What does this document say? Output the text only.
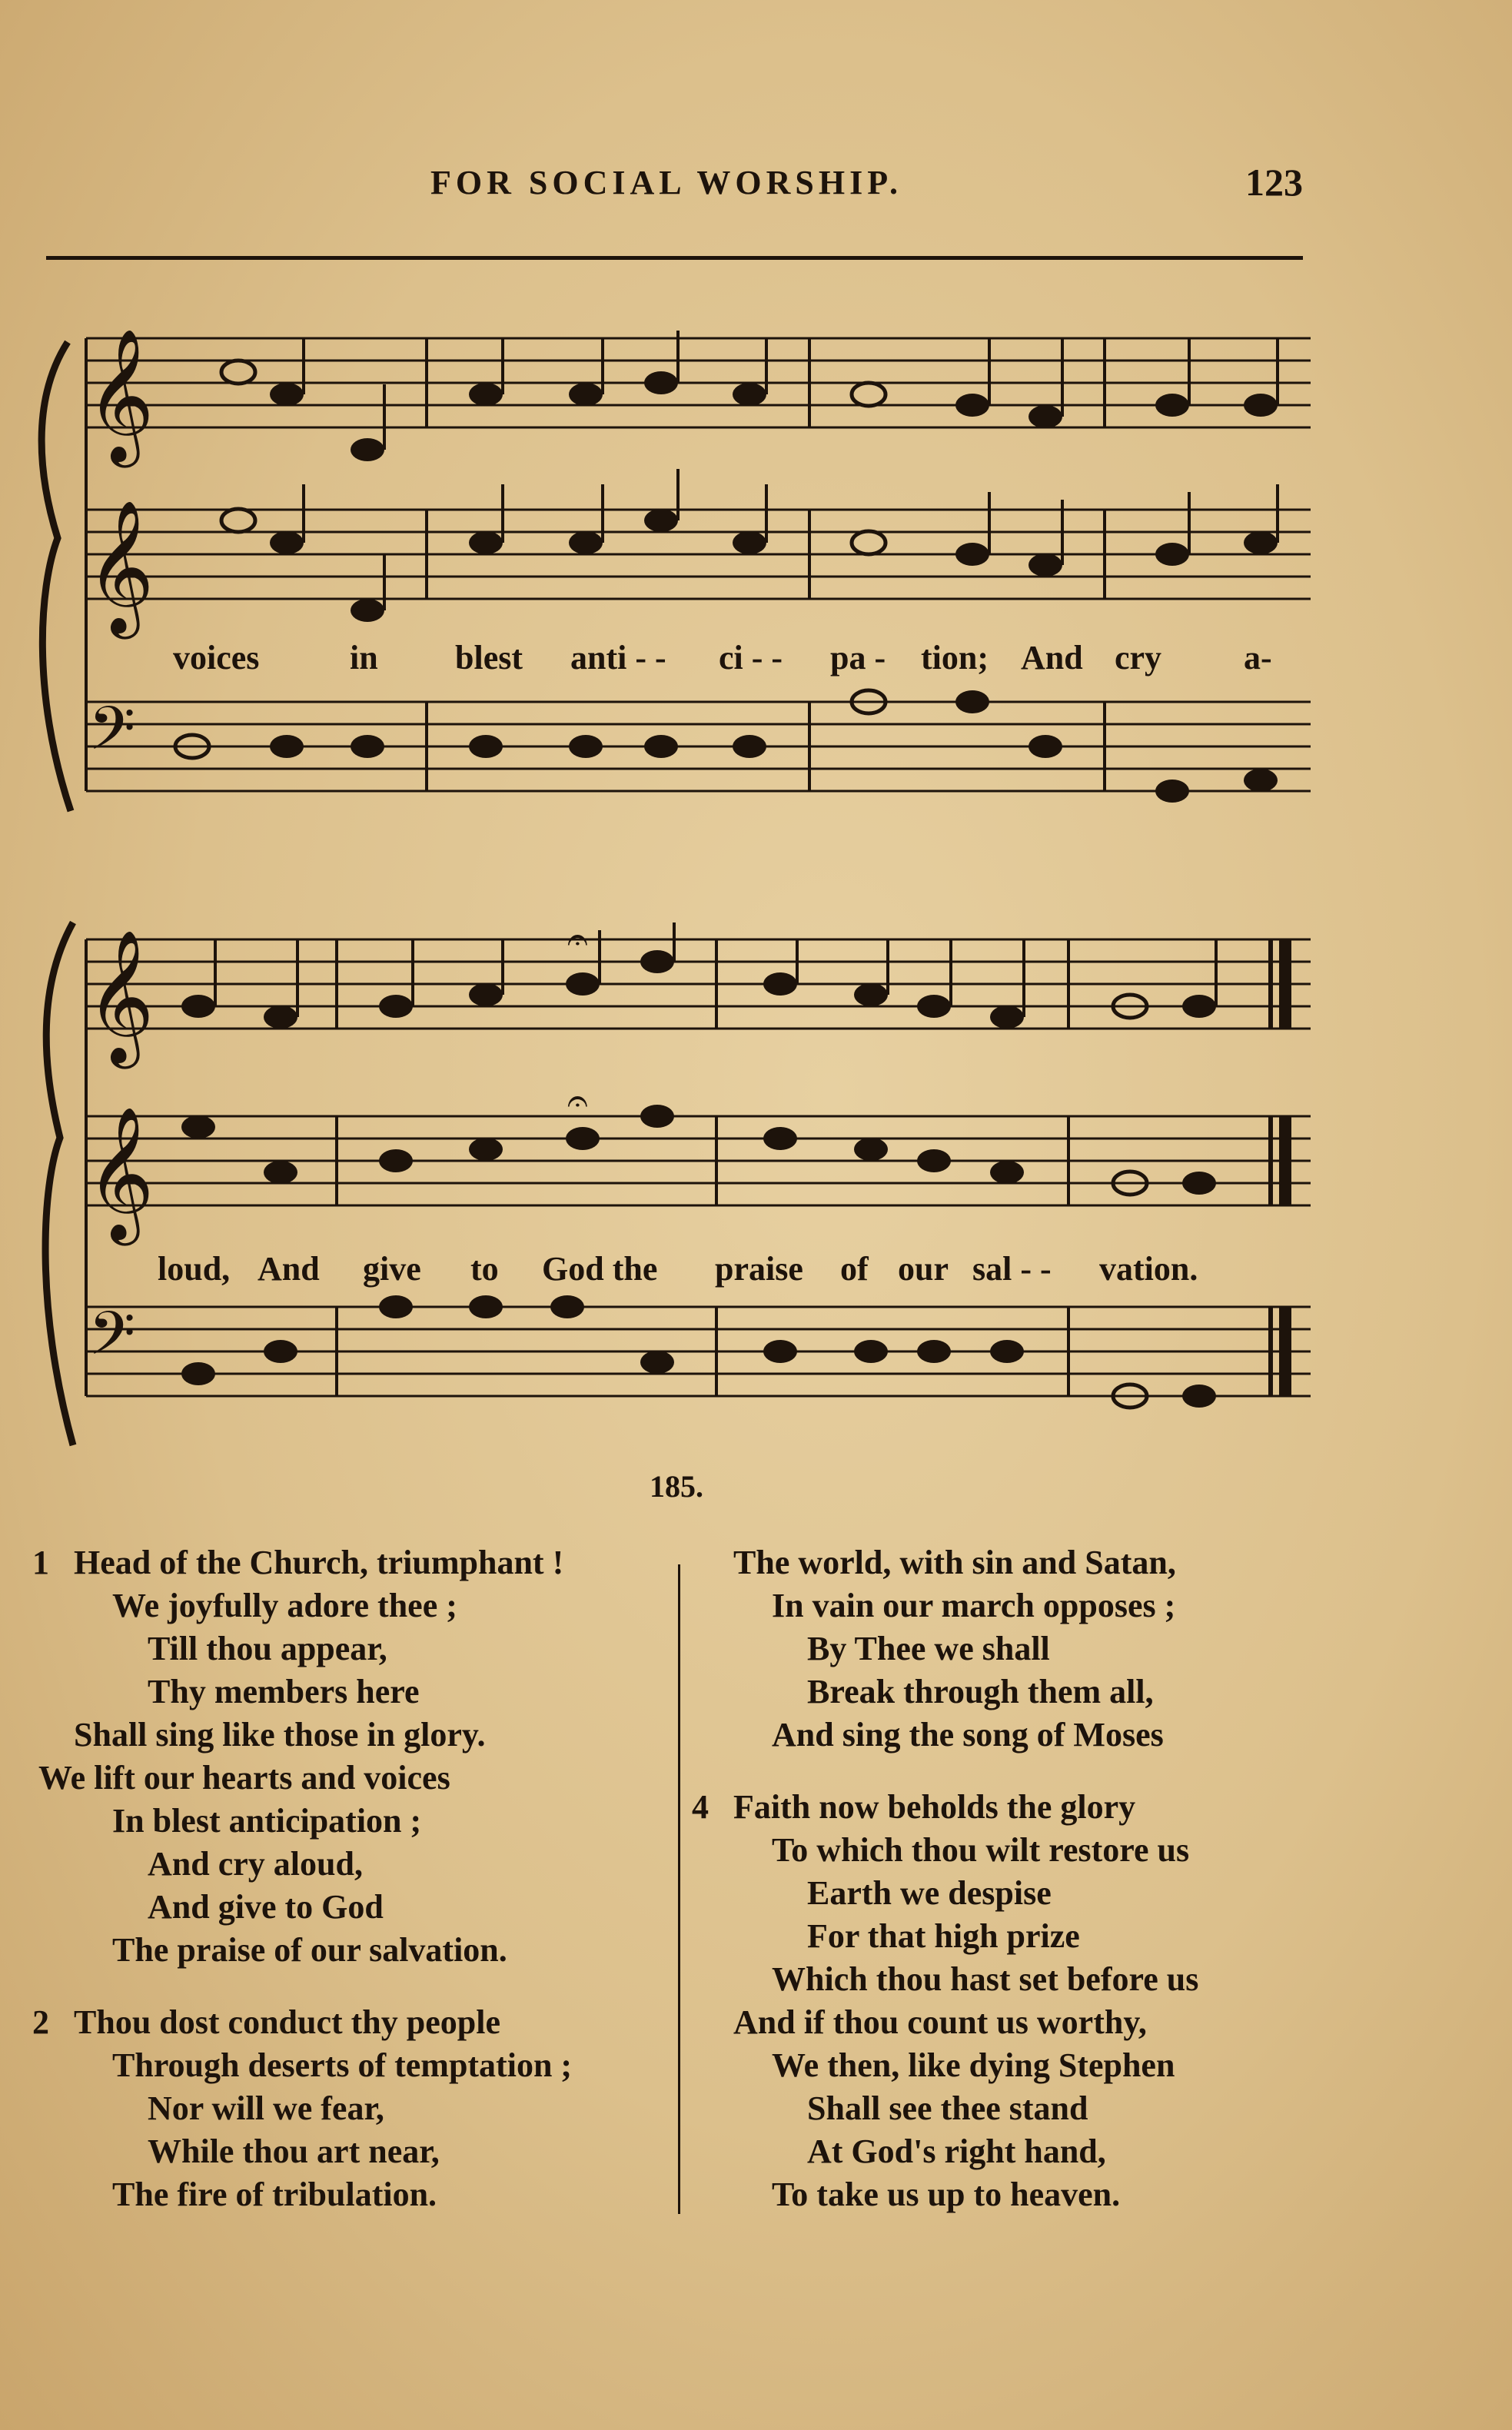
FOR SOCIAL WORSHIP.	123
𝄞
𝄞
𝄢
voices	in blest anti - - ci - - pa - tion; And cry a-
𝄞
𝄞
𝄢
𝄐
𝄐
loud, And give to God the praise of our sal - - vation.
185.
1 Head of the Church, triumphant !
We joyfully adore thee ;
Till thou appear,
Thy members here
Shall sing like those in glory.
We lift our hearts and voices
In blest anticipation ;
And cry aloud,
And give to God
The praise of our salvation.
2 Thou dost conduct thy people
Through deserts of temptation ;
Nor will we fear,
While thou art near,
The fire of tribulation.
The world, with sin and Satan,
In vain our march opposes ;
By Thee we shall
Break through them all,
And sing the song of Moses
4 Faith now beholds the glory
To which thou wilt restore us
Earth we despise
For that high prize
Which thou hast set before us
And if thou count us worthy,
We then, like dying Stephen
Shall see thee stand
At God's right hand,
To take us up to heaven.
